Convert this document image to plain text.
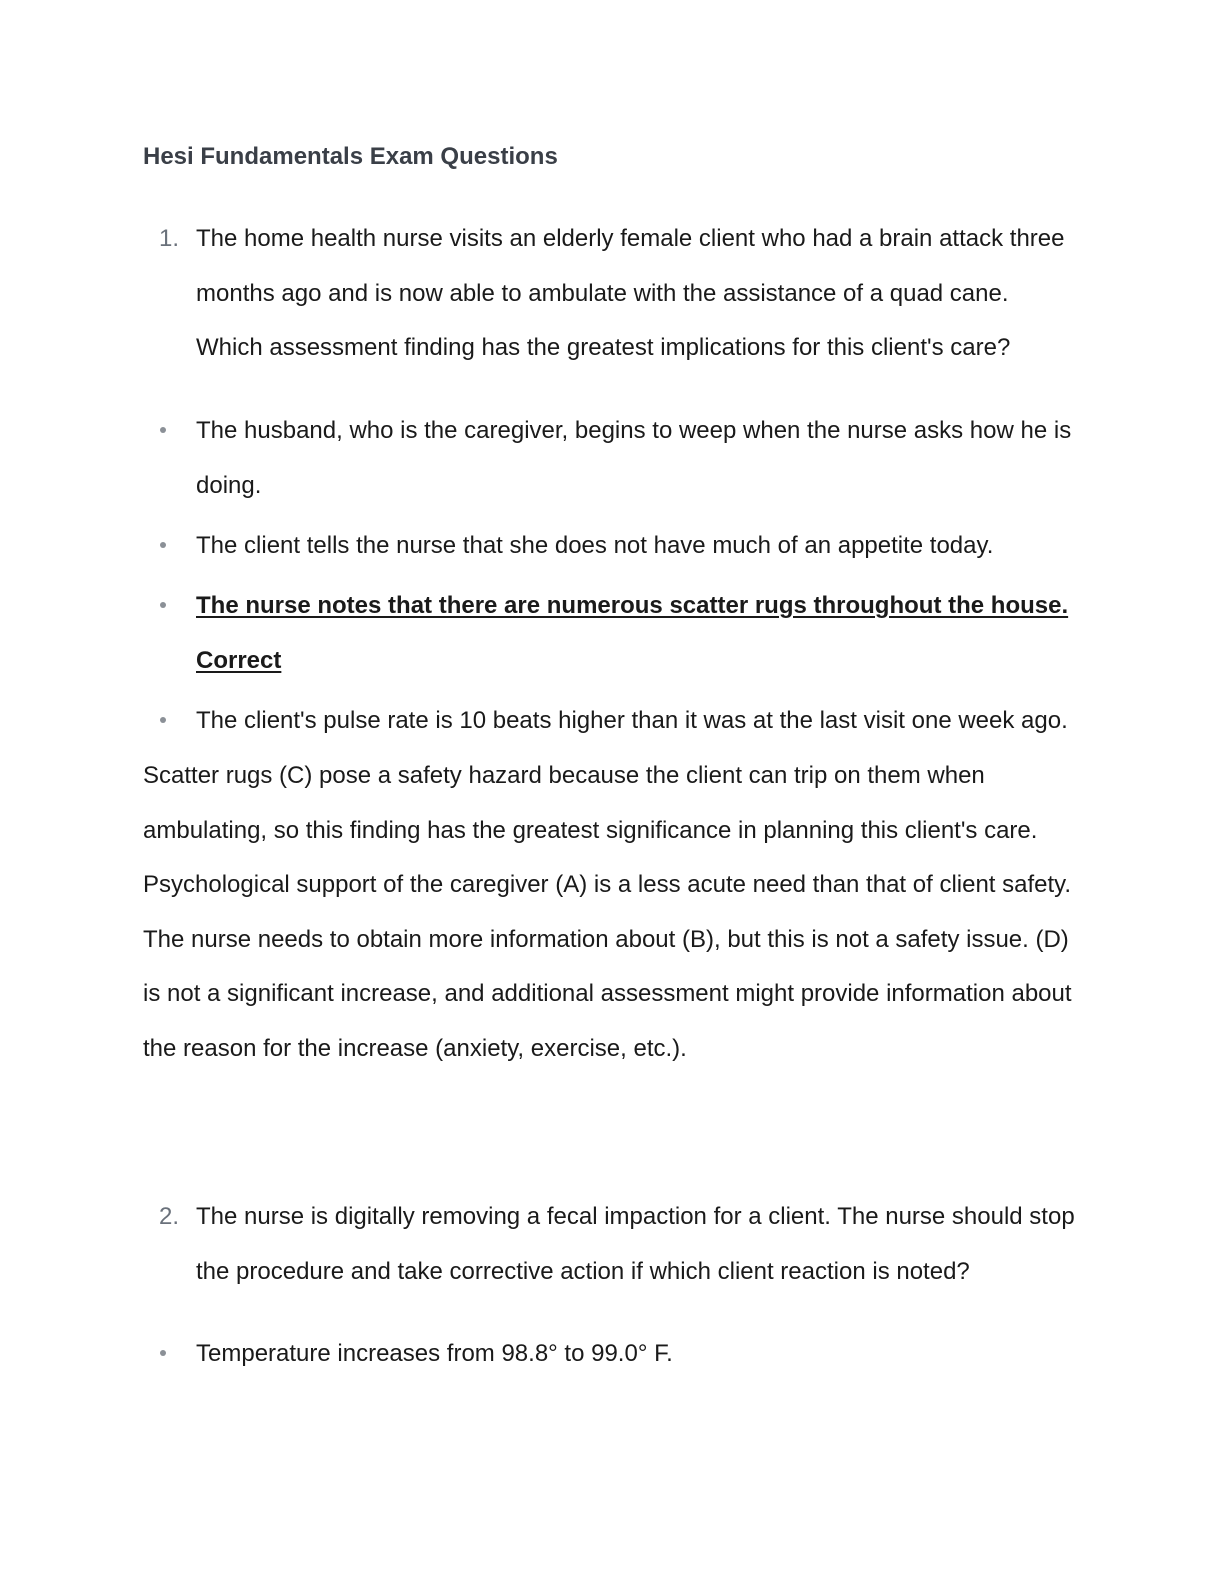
Hesi Fundamentals Exam Questions
1. The home health nurse visits an elderly female client who had a brain attack three months ago and is now able to ambulate with the assistance of a quad cane. Which assessment finding has the greatest implications for this client's care?
The husband, who is the caregiver, begins to weep when the nurse asks how he is doing.
The client tells the nurse that she does not have much of an appetite today.
The nurse notes that there are numerous scatter rugs throughout the house. Correct
The client's pulse rate is 10 beats higher than it was at the last visit one week ago.

Scatter rugs (C) pose a safety hazard because the client can trip on them when ambulating, so this finding has the greatest significance in planning this client's care. Psychological support of the caregiver (A) is a less acute need than that of client safety. The nurse needs to obtain more information about (B), but this is not a safety issue. (D) is not a significant increase, and additional assessment might provide information about the reason for the increase (anxiety, exercise, etc.).

2. The nurse is digitally removing a fecal impaction for a client. The nurse should stop the procedure and take corrective action if which client reaction is noted?
Temperature increases from 98.8° to 99.0° F.
